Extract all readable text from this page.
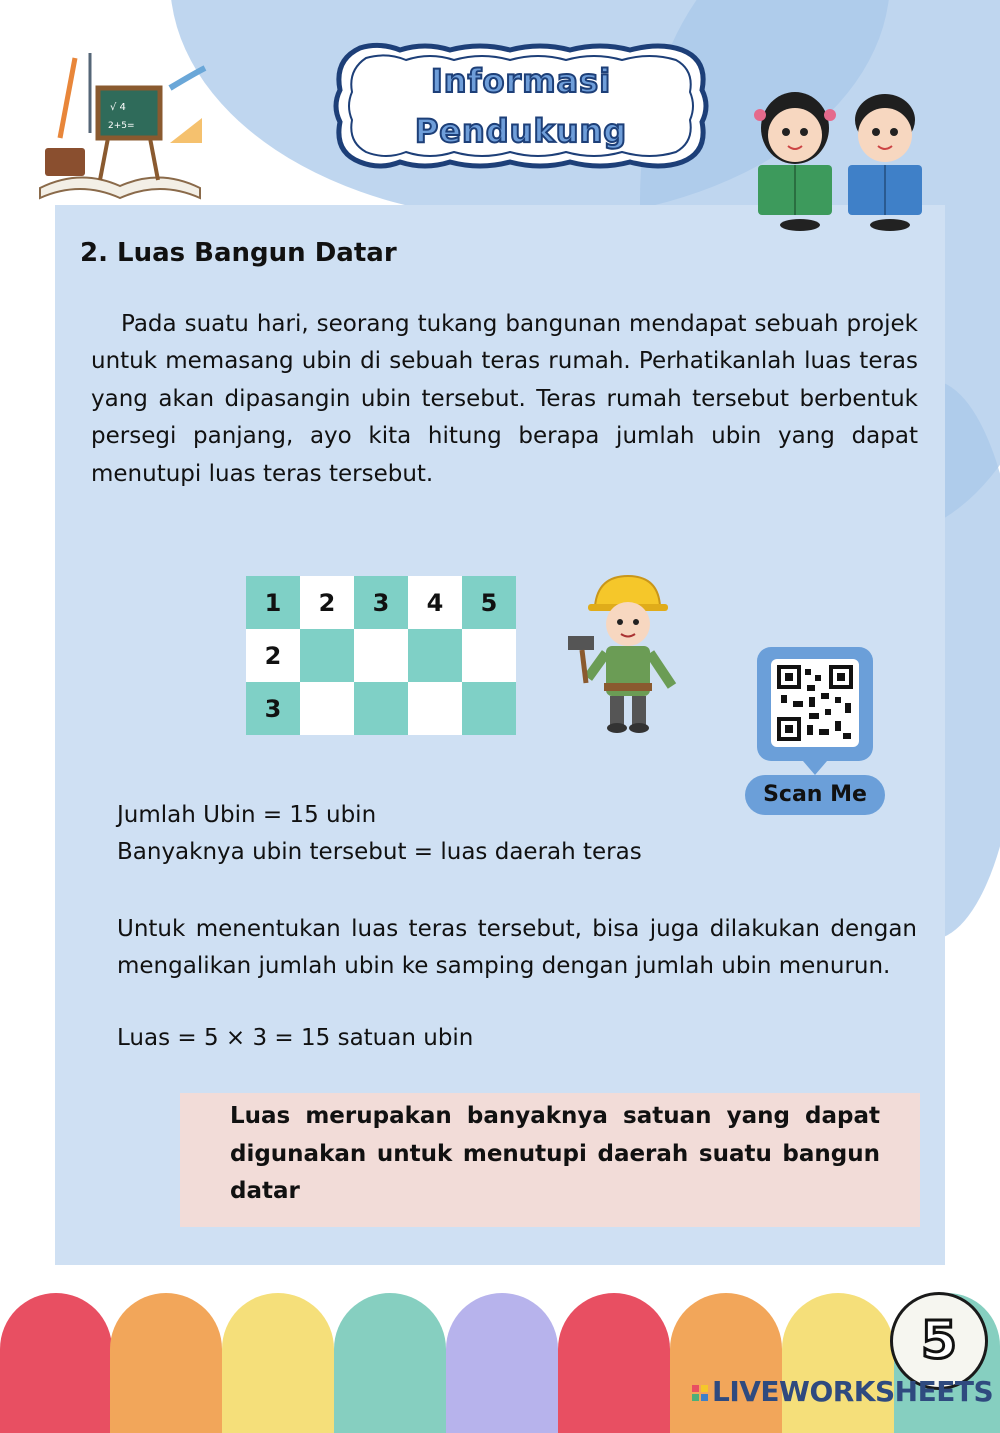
√ 4
2+5=
Informasi
Pendukung
2. Luas Bangun Datar

Pada suatu hari, seorang tukang bangunan mendapat sebuah projek untuk memasang ubin di sebuah teras rumah. Perhatikanlah luas teras yang akan dipasangin ubin tersebut. Teras rumah tersebut berbentuk persegi panjang, ayo kita hitung berapa jumlah ubin yang dapat menutupi luas teras tersebut.

1	2	3	4	5
2
3
Scan Me
Jumlah Ubin = 15 ubin
Banyaknya ubin tersebut = luas daerah teras

Untuk menentukan luas teras tersebut, bisa juga dilakukan dengan mengalikan jumlah ubin ke samping dengan jumlah ubin menurun.

Luas = 5 × 3 = 15 satuan ubin

Luas merupakan banyaknya satuan yang dapat digunakan untuk menutupi daerah suatu bangun datar

5
LIVEWORKSHEETS
